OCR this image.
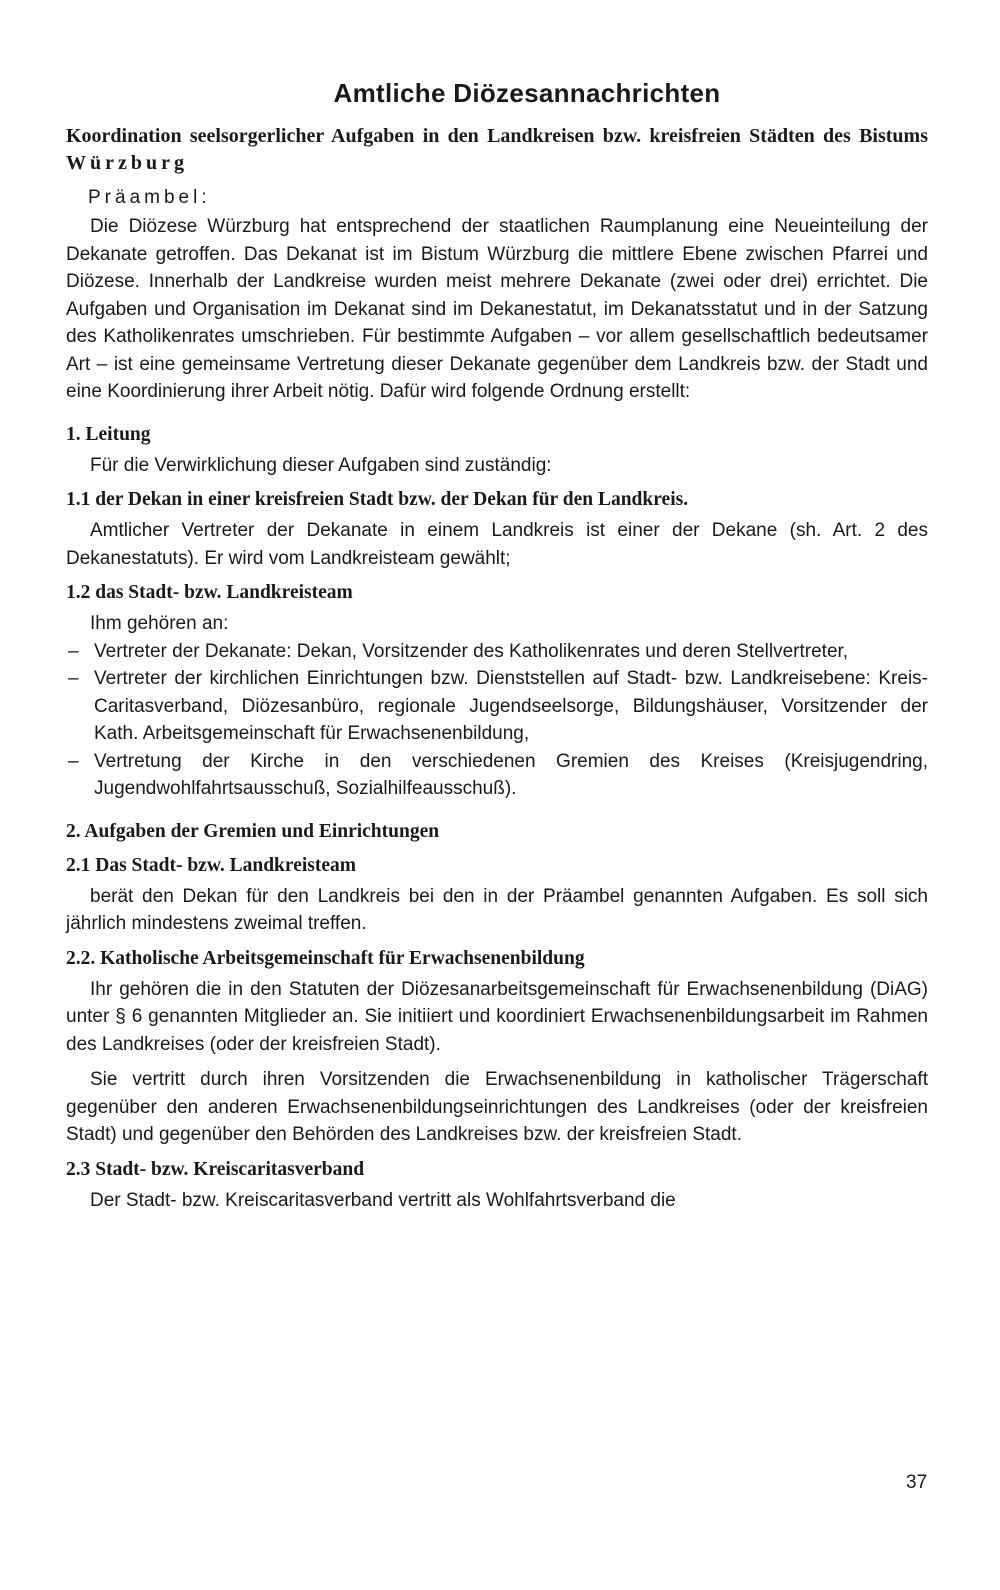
Amtliche Diözesannachrichten

Koordination seelsorgerlicher Aufgaben in den Landkreisen bzw. kreisfreien Städten des Bistums Würzburg

Präambel:

Die Diözese Würzburg hat entsprechend der staatlichen Raumplanung eine Neueinteilung der Dekanate getroffen. Das Dekanat ist im Bistum Würzburg die mittlere Ebene zwischen Pfarrei und Diözese. Innerhalb der Landkreise wurden meist mehrere Dekanate (zwei oder drei) errichtet. Die Aufgaben und Organisation im Dekanat sind im Dekanestatut, im Dekanatsstatut und in der Satzung des Katholikenrates umschrieben. Für bestimmte Aufgaben – vor allem gesellschaftlich bedeutsamer Art – ist eine gemeinsame Vertretung dieser Dekanate gegenüber dem Landkreis bzw. der Stadt und eine Koordinierung ihrer Arbeit nötig. Dafür wird folgende Ordnung erstellt:

1. Leitung

Für die Verwirklichung dieser Aufgaben sind zuständig:

1.1 der Dekan in einer kreisfreien Stadt bzw. der Dekan für den Landkreis.

Amtlicher Vertreter der Dekanate in einem Landkreis ist einer der Dekane (sh. Art. 2 des Dekanestatuts). Er wird vom Landkreisteam gewählt;

1.2 das Stadt- bzw. Landkreisteam

Ihm gehören an:

– Vertreter der Dekanate: Dekan, Vorsitzender des Katholikenrates und deren Stellvertreter,
– Vertreter der kirchlichen Einrichtungen bzw. Dienststellen auf Stadt- bzw. Landkreisebene: Kreis-Caritasverband, Diözesanbüro, regionale Jugendseelsorge, Bildungshäuser, Vorsitzender der Kath. Arbeitsgemeinschaft für Erwachsenenbildung,
– Vertretung der Kirche in den verschiedenen Gremien des Kreises (Kreisjugendring, Jugendwohlfahrtsausschuß, Sozialhilfeausschuß).
2. Aufgaben der Gremien und Einrichtungen
2.1 Das Stadt- bzw. Landkreisteam

berät den Dekan für den Landkreis bei den in der Präambel genannten Aufgaben. Es soll sich jährlich mindestens zweimal treffen.

2.2. Katholische Arbeitsgemeinschaft für Erwachsenenbildung

Ihr gehören die in den Statuten der Diözesanarbeitsgemeinschaft für Erwachsenenbildung (DiAG) unter § 6 genannten Mitglieder an. Sie initiiert und koordiniert Erwachsenenbildungsarbeit im Rahmen des Landkreises (oder der kreisfreien Stadt).

Sie vertritt durch ihren Vorsitzenden die Erwachsenenbildung in katholischer Trägerschaft gegenüber den anderen Erwachsenenbildungseinrichtungen des Landkreises (oder der kreisfreien Stadt) und gegenüber den Behörden des Landkreises bzw. der kreisfreien Stadt.

2.3 Stadt- bzw. Kreiscaritasverband

Der Stadt- bzw. Kreiscaritasverband vertritt als Wohlfahrtsverband die

37
